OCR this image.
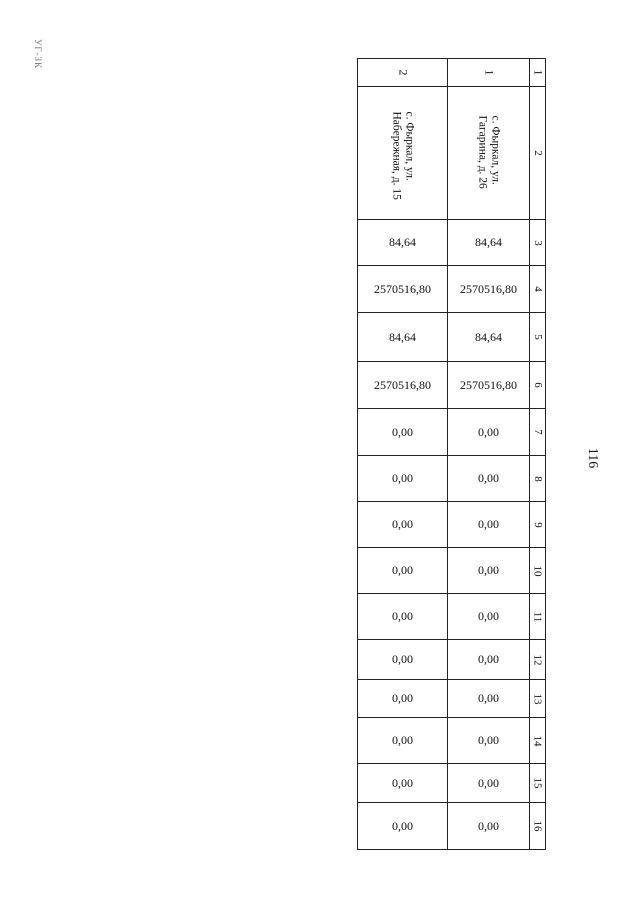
УГ-ЗК
116
2	1	1
с. Фыркал, ул. Набережная, д. 15	с. Фыркал, ул. Гагарина, д. 26	2
84,64	84,64	3
2570516,80 2570516,80 4
84,64	84,64	5
2570516,80 2570516,80 6
0,00	0,00	7
0,00	0,00	8
0,00	0,00	9
0,00	0,00	10
0,00	0,00	11
0,00	0,00	12
0,00	0,00	13
0,00	0,00	14
0,00	0,00	15
0,00	0,00	16
